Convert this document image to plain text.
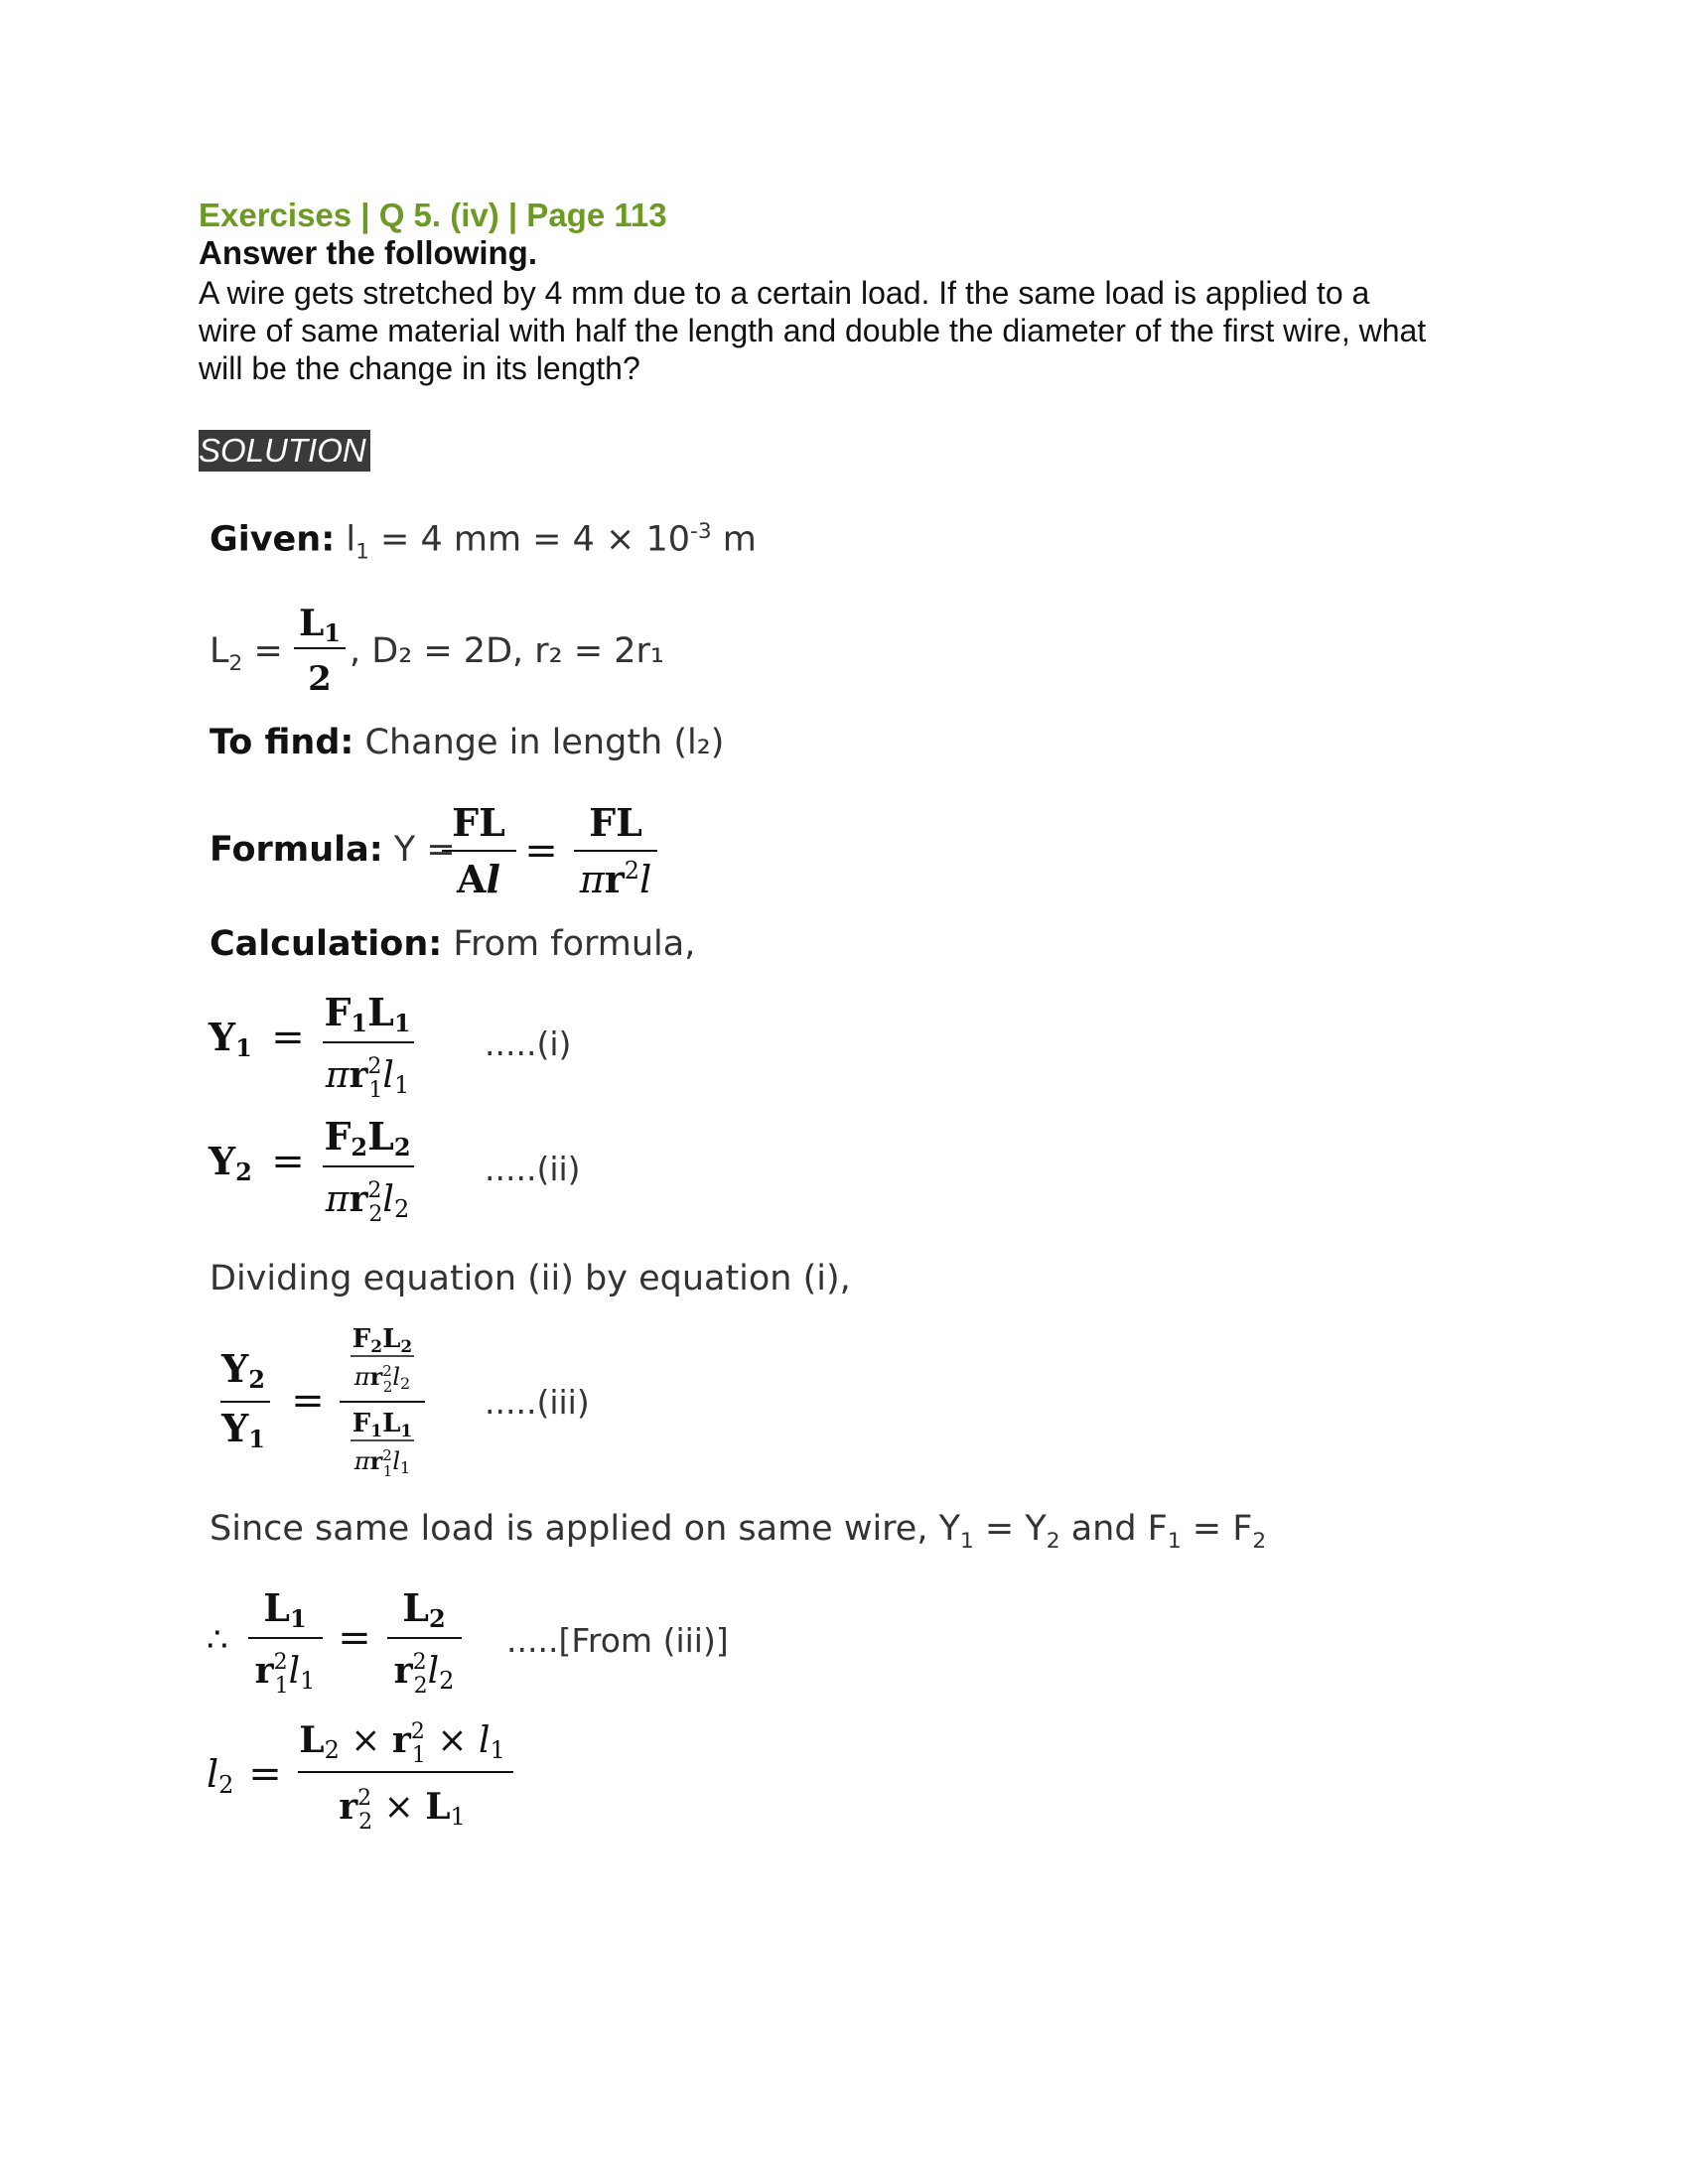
Exercises | Q 5. (iv) | Page 113
Answer the following.
A wire gets stretched by 4 mm due to a certain load. If the same load is applied to a
wire of same material with half the length and double the diameter of the first wire, what
will be the change in its length?
SOLUTION
Given: $l_1 = 4$ mm = $4 \times 10^{-3}$ m
$L_2$ =
L1
2
, D₂ = 2D, r₂ = 2r₁
To find: Change in length (l₂)
Formula: Y =
FL
Al
=
FL
$\pi r^2l$
Calculation: From formula,
Y1 =
F1L1
$\pi r^2$ 1l1
.....(i)
Y2 =
F2L2
$\pi r^2$ 2l2
.....(ii)
Dividing equation (ii) by equation (i),
Y2
Y1
=
F2L2
$\pi r^2$ 2l2
F1L1
$\pi r^2$ 1l1
.....(iii)
Since same load is applied on same wire, $Y_1 = Y_2$ and $F_1 = F_2$
∴
L1
$r^2$ 1l1
=
L2
$r^2$ 2l2
.....[From (iii)]
l2 =
$L2 \times r^2$ 1 × l1
$r^2$ 2 × L1
